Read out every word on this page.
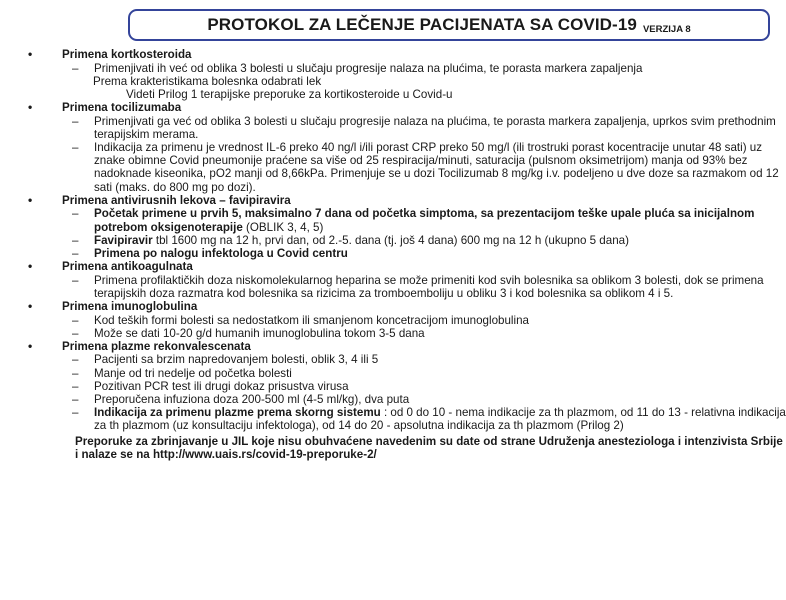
PROTOKOL ZA LEČENJE PACIJENATA SA COVID-19 VERZIJA 8
•	Primena kortkosteroida
– Primenjivati ih već od oblika 3 bolesti u slučaju progresije nalaza na plućima, te porasta markera zapaljenja
Prema krakteristikama bolesnka odabrati lek
Videti Prilog 1 terapijske preporuke za kortikosteroide u Covid-u
•	Primena tocilizumaba
– Primenjivati ga već od oblika 3 bolesti u slučaju progresije nalaza na plućima, te porasta markera zapaljenja, uprkos svim prethodnim terapijskim merama.
– Indikacija za primenu je vrednost IL-6 preko 40 ng/l i/ili porast CRP preko 50 mg/l (ili trostruki porast kocentracije unutar 48 sati) uz znake obimne Covid pneumonije praćene sa više od 25 respiracija/minuti, saturacija (pulsnom oksimetrijom) manja od 93% bez nadoknade kiseonika, pO2 manji od 8,66kPa. Primenjuje se u dozi Tocilizumab 8 mg/kg i.v. podeljeno u dve doze sa razmakom od 12 sati (maks. do 800 mg po dozi).
•	Primena antivirusnih lekova – favipiravira
– Početak primene u prvih 5, maksimalno 7 dana od početka simptoma, sa prezentacijom teške upale pluća sa inicijalnom potrebom oksigenoterapije (OBLIK 3, 4, 5)
– Favipiravir tbl 1600 mg na 12 h, prvi dan, od 2.-5. dana (tj. još 4 dana) 600 mg na 12 h (ukupno 5 dana)
– Primena po nalogu infektologa u Covid centru
•	Primena antikoagulnata
– Primena profilaktičkih doza niskomolekularnog heparina se može primeniti kod svih bolesnika sa oblikom 3 bolesti, dok se primena terapijskih doza razmatra kod bolesnika sa rizicima za tromboemboliju u obliku 3 i kod bolesnika sa oblikom 4 i 5.
•	Primena imunoglobulina
– Kod teških formi bolesti sa nedostatkom ili smanjenom koncetracijom imunoglobulina
– Može se dati 10-20 g/d humanih imunoglobulina tokom 3-5 dana
•	Primena plazme rekonvalescenata
– Pacijenti sa brzim napredovanjem bolesti, oblik 3, 4 ili 5
– Manje od tri nedelje od početka bolesti
– Pozitivan PCR test ili drugi dokaz prisustva virusa
– Preporučena infuziona doza 200-500 ml (4-5 ml/kg), dva puta
– Indikacija za primenu plazme prema skorng sistemu : od 0 do 10 - nema indikacije za th plazmom, od 11 do 13 - relativna indikacija za th plazmom (uz konsultaciju infektologa), od 14 do 20 - apsolutna indikacija za th plazmom (Prilog 2)
Preporuke za zbrinjavanje u JIL koje nisu obuhvaćene navedenim su date od strane Udruženja anesteziologa i intenzivista Srbije i nalaze se na http://www.uais.rs/covid-19-preporuke-2/
